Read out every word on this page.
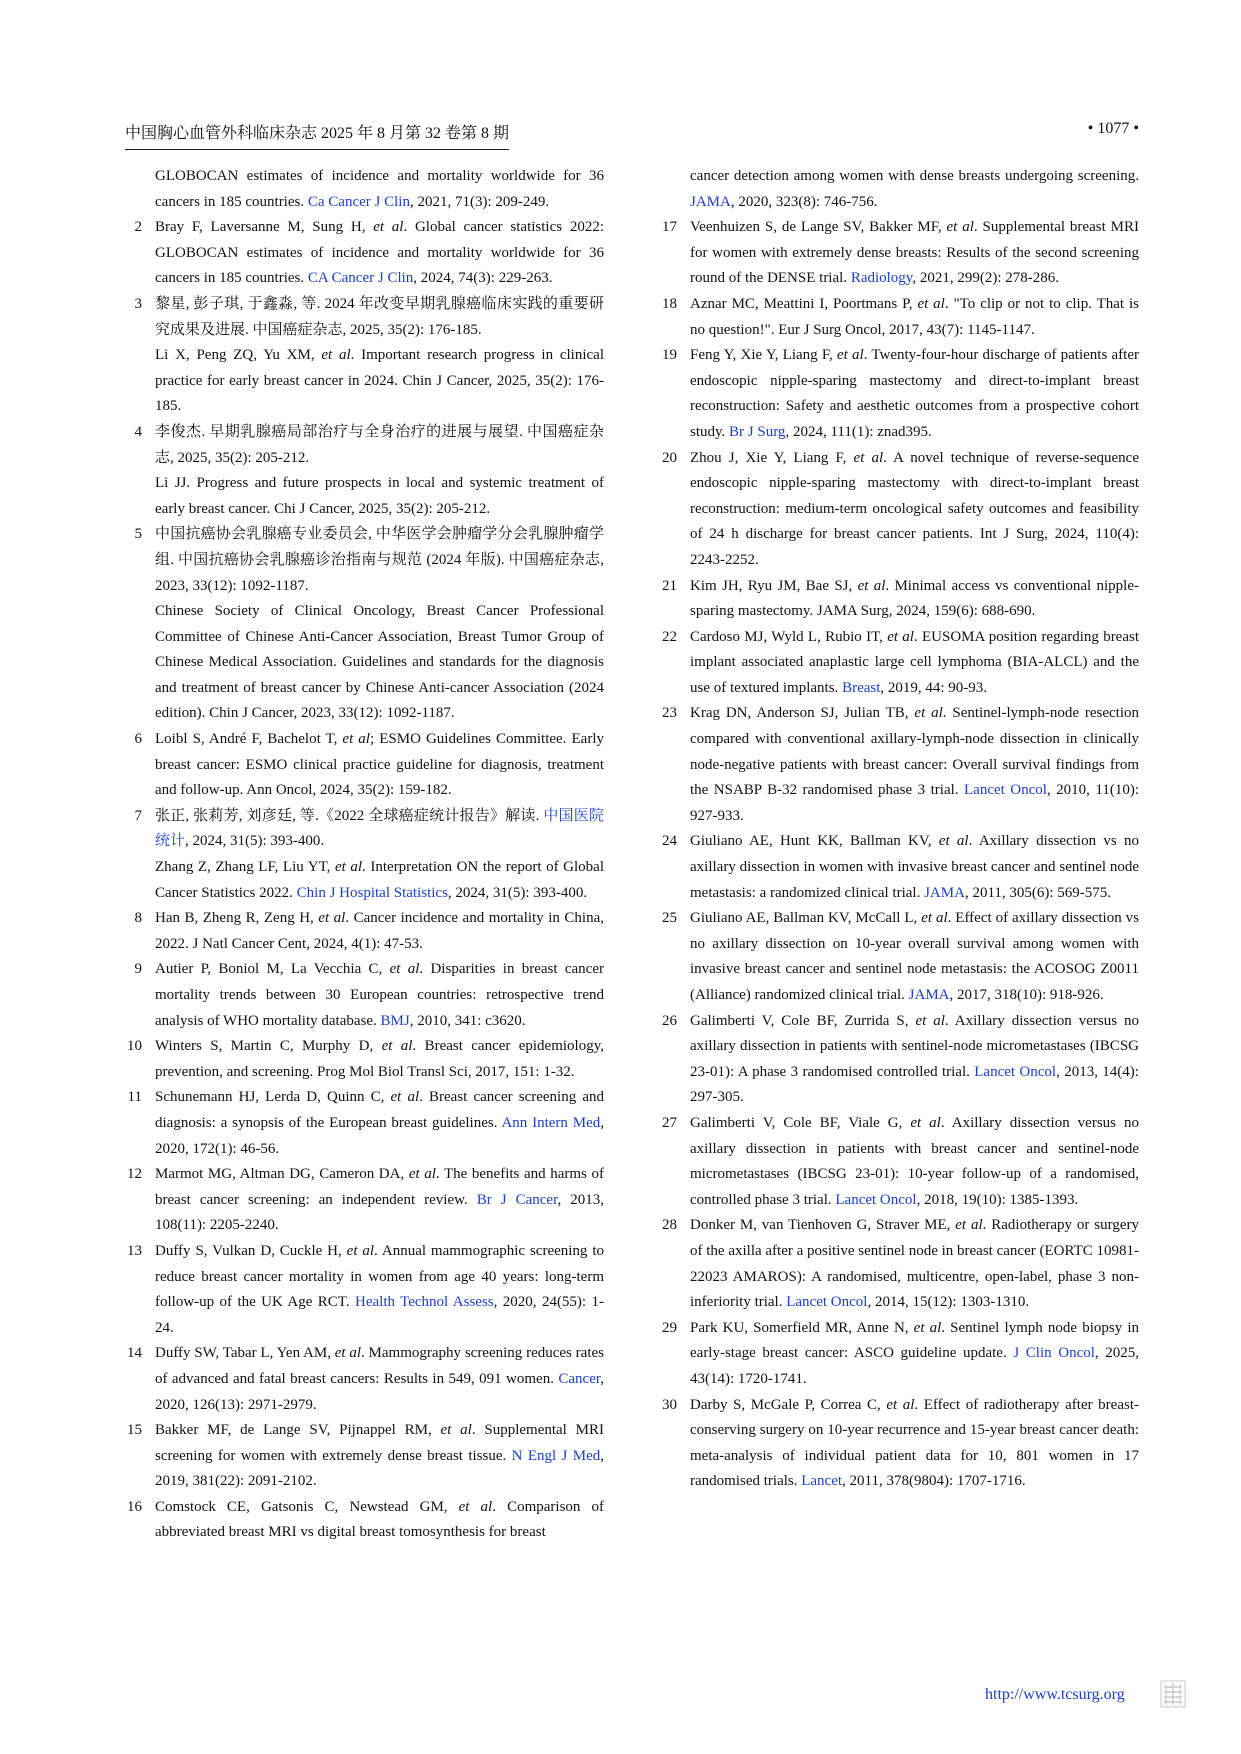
中国胸心血管外科临床杂志 2025 年 8 月第 32 卷第 8 期	• 1077 •
GLOBOCAN estimates of incidence and mortality worldwide for 36 cancers in 185 countries. Ca Cancer J Clin, 2021, 71(3): 209-249.
2 Bray F, Laversanne M, Sung H, et al. Global cancer statistics 2022: GLOBOCAN estimates of incidence and mortality worldwide for 36 cancers in 185 countries. CA Cancer J Clin, 2024, 74(3): 229-263.
3 黎星, 彭子琪, 于鑫淼, 等. 2024 年改变早期乳腺癌临床实践的重要研究成果及进展. 中国癌症杂志, 2025, 35(2): 176-185.
Li X, Peng ZQ, Yu XM, et al. Important research progress in clinical practice for early breast cancer in 2024. Chin J Cancer, 2025, 35(2): 176-185.
4 李俊杰. 早期乳腺癌局部治疗与全身治疗的进展与展望. 中国癌症杂志, 2025, 35(2): 205-212.
Li JJ. Progress and future prospects in local and systemic treatment of early breast cancer. Chi J Cancer, 2025, 35(2): 205-212.
5 中国抗癌协会乳腺癌专业委员会, 中华医学会肿瘤学分会乳腺肿瘤学组. 中国抗癌协会乳腺癌诊治指南与规范 (2024 年版). 中国癌症杂志, 2023, 33(12): 1092-1187.
Chinese Society of Clinical Oncology, Breast Cancer Professional Committee of Chinese Anti-Cancer Association, Breast Tumor Group of Chinese Medical Association. Guidelines and standards for the diagnosis and treatment of breast cancer by Chinese Anti-cancer Association (2024 edition). Chin J Cancer, 2023, 33(12): 1092-1187.
6 Loibl S, André F, Bachelot T, et al; ESMO Guidelines Committee. Early breast cancer: ESMO clinical practice guideline for diagnosis, treatment and follow-up. Ann Oncol, 2024, 35(2): 159-182.
7 张正, 张莉芳, 刘彦廷, 等.《2022 全球癌症统计报告》解读. 中国医院统计, 2024, 31(5): 393-400.
Zhang Z, Zhang LF, Liu YT, et al. Interpretation ON the report of Global Cancer Statistics 2022. Chin J Hospital Statistics, 2024, 31(5): 393-400.
8 Han B, Zheng R, Zeng H, et al. Cancer incidence and mortality in China, 2022. J Natl Cancer Cent, 2024, 4(1): 47-53.
9 Autier P, Boniol M, La Vecchia C, et al. Disparities in breast cancer mortality trends between 30 European countries: retrospective trend analysis of WHO mortality database. BMJ, 2010, 341: c3620.
10 Winters S, Martin C, Murphy D, et al. Breast cancer epidemiology, prevention, and screening. Prog Mol Biol Transl Sci, 2017, 151: 1-32.
11 Schunemann HJ, Lerda D, Quinn C, et al. Breast cancer screening and diagnosis: a synopsis of the European breast guidelines. Ann Intern Med, 2020, 172(1): 46-56.
12 Marmot MG, Altman DG, Cameron DA, et al. The benefits and harms of breast cancer screening: an independent review. Br J Cancer, 2013, 108(11): 2205-2240.
13 Duffy S, Vulkan D, Cuckle H, et al. Annual mammographic screening to reduce breast cancer mortality in women from age 40 years: long-term follow-up of the UK Age RCT. Health Technol Assess, 2020, 24(55): 1-24.
14 Duffy SW, Tabar L, Yen AM, et al. Mammography screening reduces rates of advanced and fatal breast cancers: Results in 549, 091 women. Cancer, 2020, 126(13): 2971-2979.
15 Bakker MF, de Lange SV, Pijnappel RM, et al. Supplemental MRI screening for women with extremely dense breast tissue. N Engl J Med, 2019, 381(22): 2091-2102.
16 Comstock CE, Gatsonis C, Newstead GM, et al. Comparison of abbreviated breast MRI vs digital breast tomosynthesis for breast
cancer detection among women with dense breasts undergoing screening. JAMA, 2020, 323(8): 746-756.
17 Veenhuizen S, de Lange SV, Bakker MF, et al. Supplemental breast MRI for women with extremely dense breasts: Results of the second screening round of the DENSE trial. Radiology, 2021, 299(2): 278-286.
18 Aznar MC, Meattini I, Poortmans P, et al. "To clip or not to clip. That is no question!". Eur J Surg Oncol, 2017, 43(7): 1145-1147.
19 Feng Y, Xie Y, Liang F, et al. Twenty-four-hour discharge of patients after endoscopic nipple-sparing mastectomy and direct-to-implant breast reconstruction: Safety and aesthetic outcomes from a prospective cohort study. Br J Surg, 2024, 111(1): znad395.
20 Zhou J, Xie Y, Liang F, et al. A novel technique of reverse-sequence endoscopic nipple-sparing mastectomy with direct-to-implant breast reconstruction: medium-term oncological safety outcomes and feasibility of 24 h discharge for breast cancer patients. Int J Surg, 2024, 110(4): 2243-2252.
21 Kim JH, Ryu JM, Bae SJ, et al. Minimal access vs conventional nipple-sparing mastectomy. JAMA Surg, 2024, 159(6): 688-690.
22 Cardoso MJ, Wyld L, Rubio IT, et al. EUSOMA position regarding breast implant associated anaplastic large cell lymphoma (BIA-ALCL) and the use of textured implants. Breast, 2019, 44: 90-93.
23 Krag DN, Anderson SJ, Julian TB, et al. Sentinel-lymph-node resection compared with conventional axillary-lymph-node dissection in clinically node-negative patients with breast cancer: Overall survival findings from the NSABP B-32 randomised phase 3 trial. Lancet Oncol, 2010, 11(10): 927-933.
24 Giuliano AE, Hunt KK, Ballman KV, et al. Axillary dissection vs no axillary dissection in women with invasive breast cancer and sentinel node metastasis: a randomized clinical trial. JAMA, 2011, 305(6): 569-575.
25 Giuliano AE, Ballman KV, McCall L, et al. Effect of axillary dissection vs no axillary dissection on 10-year overall survival among women with invasive breast cancer and sentinel node metastasis: the ACOSOG Z0011 (Alliance) randomized clinical trial. JAMA, 2017, 318(10): 918-926.
26 Galimberti V, Cole BF, Zurrida S, et al. Axillary dissection versus no axillary dissection in patients with sentinel-node micrometastases (IBCSG 23-01): A phase 3 randomised controlled trial. Lancet Oncol, 2013, 14(4): 297-305.
27 Galimberti V, Cole BF, Viale G, et al. Axillary dissection versus no axillary dissection in patients with breast cancer and sentinel-node micrometastases (IBCSG 23-01): 10-year follow-up of a randomised, controlled phase 3 trial. Lancet Oncol, 2018, 19(10): 1385-1393.
28 Donker M, van Tienhoven G, Straver ME, et al. Radiotherapy or surgery of the axilla after a positive sentinel node in breast cancer (EORTC 10981-22023 AMAROS): A randomised, multicentre, open-label, phase 3 non-inferiority trial. Lancet Oncol, 2014, 15(12): 1303-1310.
29 Park KU, Somerfield MR, Anne N, et al. Sentinel lymph node biopsy in early-stage breast cancer: ASCO guideline update. J Clin Oncol, 2025, 43(14): 1720-1741.
30 Darby S, McGale P, Correa C, et al. Effect of radiotherapy after breast-conserving surgery on 10-year recurrence and 15-year breast cancer death: meta-analysis of individual patient data for 10, 801 women in 17 randomised trials. Lancet, 2011, 378(9804): 1707-1716.
http://www.tcsurg.org
